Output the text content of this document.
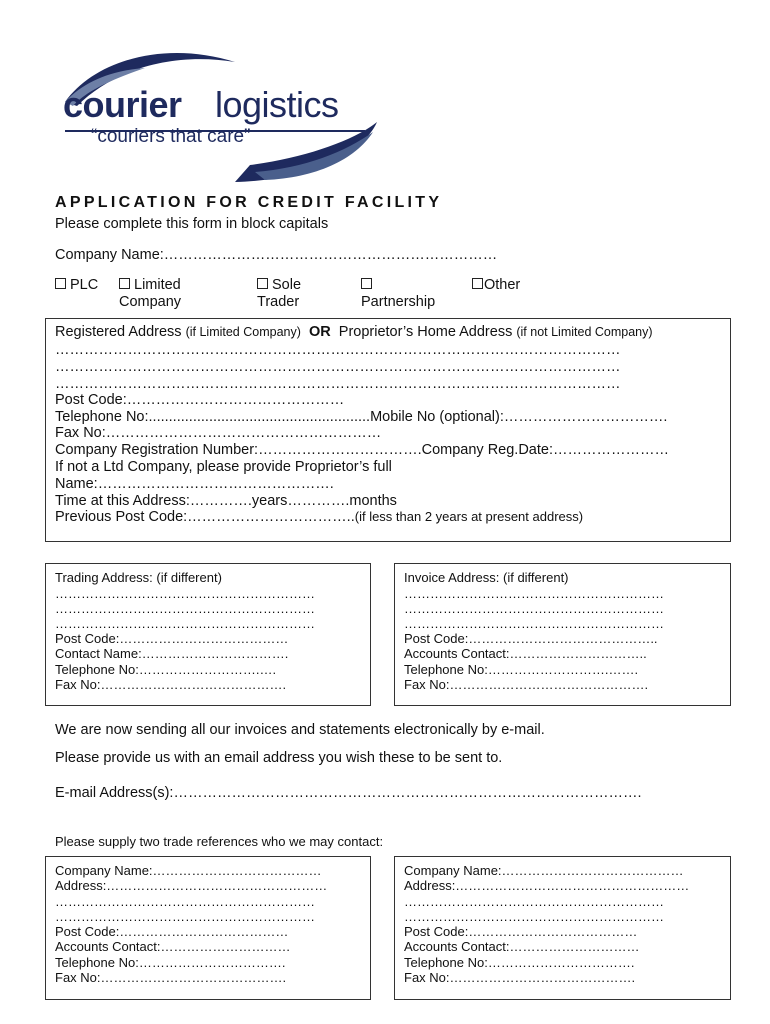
courier logistics
“couriers that care”
APPLICATION FOR CREDIT FACILITY
Please complete this form in block capitals
Company Name:……………………………………………………………
PLC	Limited
Company
Sole
Trader	Partnership
Other
Registered Address (if Limited Company) OR Proprietor’s Home Address (if not Limited Company)
………………………………………………………………………………………………………
………………………………………………………………………………………………………
………………………………………………………………………………………………………
Post Code:………………………………………
Telephone No:.......................................................Mobile No (optional):…………………………….
Fax No:…………………………………………………
Company Registration Number:…………………………….Company Reg.Date:……………………
If not a Ltd Company, please provide Proprietor’s full
Name:………………………………………….
Time at this Address:………….years………….months
Previous Post Code:……………………………..(if less than 2 years at present address)
Trading Address: (if different)
……………………………………………………
……………………………………………………
……………………………………………………
Post Code:…………………………………
Contact Name:…………………………….
Telephone No:……………………….….
Fax No:…………………………………….
Invoice Address: (if different)
……………………………………………………
……………………………………………………
……………………………………………………
Post Code:……………………………………..
Accounts Contact:…………………………..
Telephone No:……………………….…….
Fax No:……………………………………….
We are now sending all our invoices and statements electronically by e-mail.
Please provide us with an email address you wish these to be sent to.
E-mail Address(s):…………………………………………………………………………………….
Please supply two trade references who we may contact:
Company Name:…………………………………
Address:……………………………………………
……………………………………………………
……………………………………………………
Post Code:…………………………………
Accounts Contact:…………………………
Telephone No:…………………………….
Fax No:…………………………………….
Company Name:……………………………………
Address:………………………………………………
……………………………………………………
……………………………………………………
Post Code:…………………………………
Accounts Contact:…………………………
Telephone No:…………………………….
Fax No:…………………………………….
